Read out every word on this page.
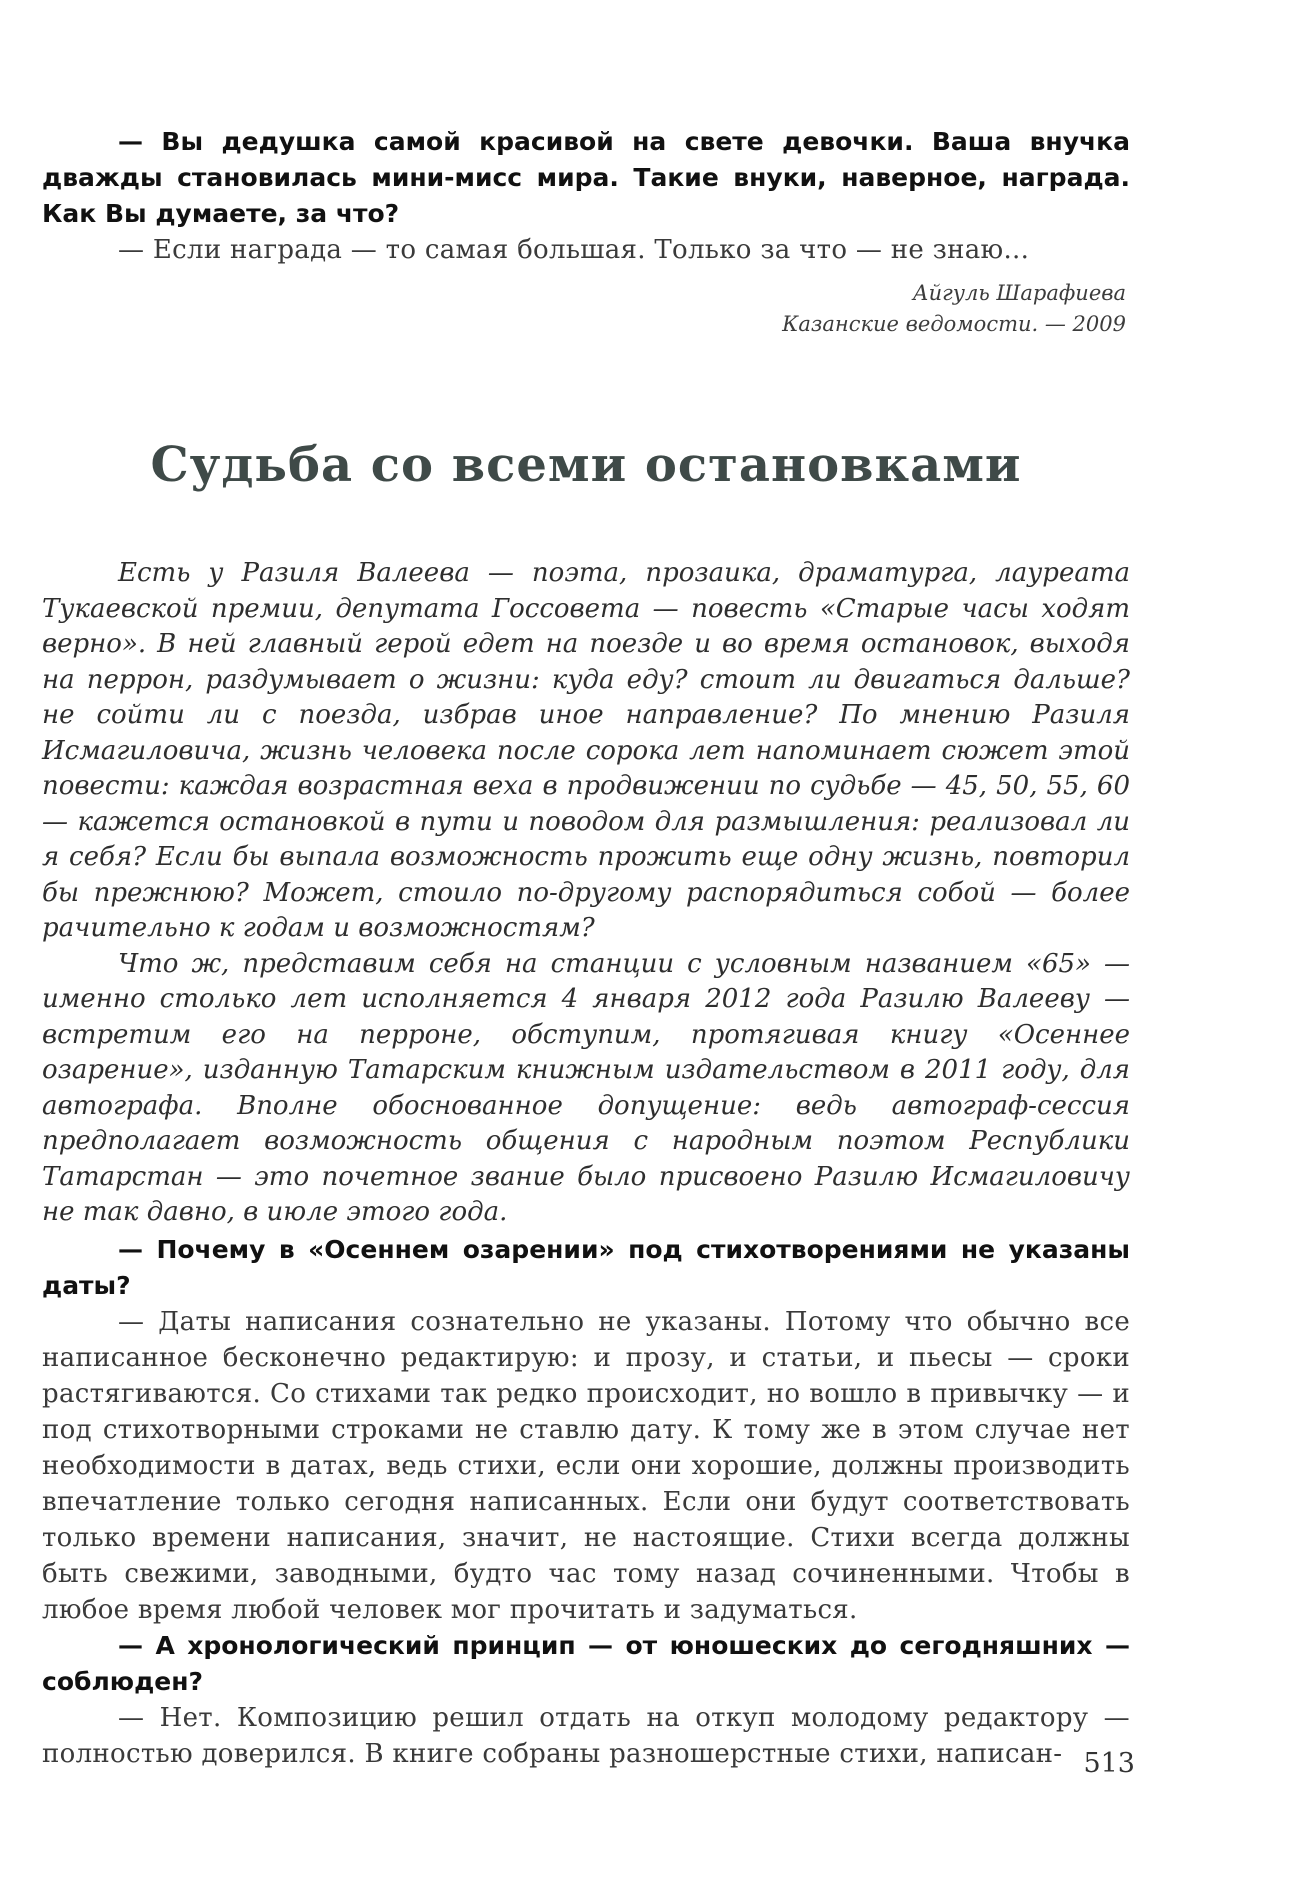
— Вы дедушка самой красивой на свете девочки. Ваша внучка дважды становилась мини-мисс мира. Такие внуки, наверное, награда. Как Вы думаете, за что?

— Если награда — то самая большая. Только за что — не знаю...

Айгуль Шарафиева

Казанские ведомости. — 2009

Судьба со всеми остановками

Есть у Разиля Валеева — поэта, прозаика, драматурга, лауреата Тукаевской премии, депутата Госсовета — повесть «Старые часы ходят верно». В ней главный герой едет на поезде и во время остановок, выходя на перрон, раздумывает о жизни: куда еду? стоит ли двигаться дальше? не сойти ли с поезда, избрав иное направление? По мнению Разиля Исмагиловича, жизнь человека после сорока лет напоминает сюжет этой повести: каждая возрастная веха в продвижении по судьбе — 45, 50, 55, 60 — кажется остановкой в пути и поводом для размышления: реализовал ли я себя? Если бы выпала возможность прожить еще одну жизнь, повторил бы прежнюю? Может, стоило по-другому распорядиться собой — более рачительно к годам и возможностям?

Что ж, представим себя на станции с условным названием «65» — именно столько лет исполняется 4 января 2012 года Разилю Валееву — встретим его на перроне, обступим, протягивая книгу «Осеннее озарение», изданную Татарским книжным издательством в 2011 году, для автографа. Вполне обоснованное допущение: ведь автограф-сессия предполагает возможность общения с народным поэтом Республики Татарстан — это почетное звание было присвоено Разилю Исмагиловичу не так давно, в июле этого года.

— Почему в «Осеннем озарении» под стихотворениями не указаны даты?

— Даты написания сознательно не указаны. Потому что обычно все написанное бесконечно редактирую: и прозу, и статьи, и пьесы — сроки растягиваются. Со стихами так редко происходит, но вошло в привычку — и под стихотворными строками не ставлю дату. К тому же в этом случае нет необходимости в датах, ведь стихи, если они хорошие, должны производить впечатление только сегодня написанных. Если они будут соответствовать только времени написания, значит, не настоящие. Стихи всегда должны быть свежими, заводными, будто час тому назад сочиненными. Чтобы в любое время любой человек мог прочитать и задуматься.

— А хронологический принцип — от юношеских до сегодняшних — соблюден?

— Нет. Композицию решил отдать на откуп молодому редактору — полностью доверился. В книге собраны разношерстные стихи, написан- 513
